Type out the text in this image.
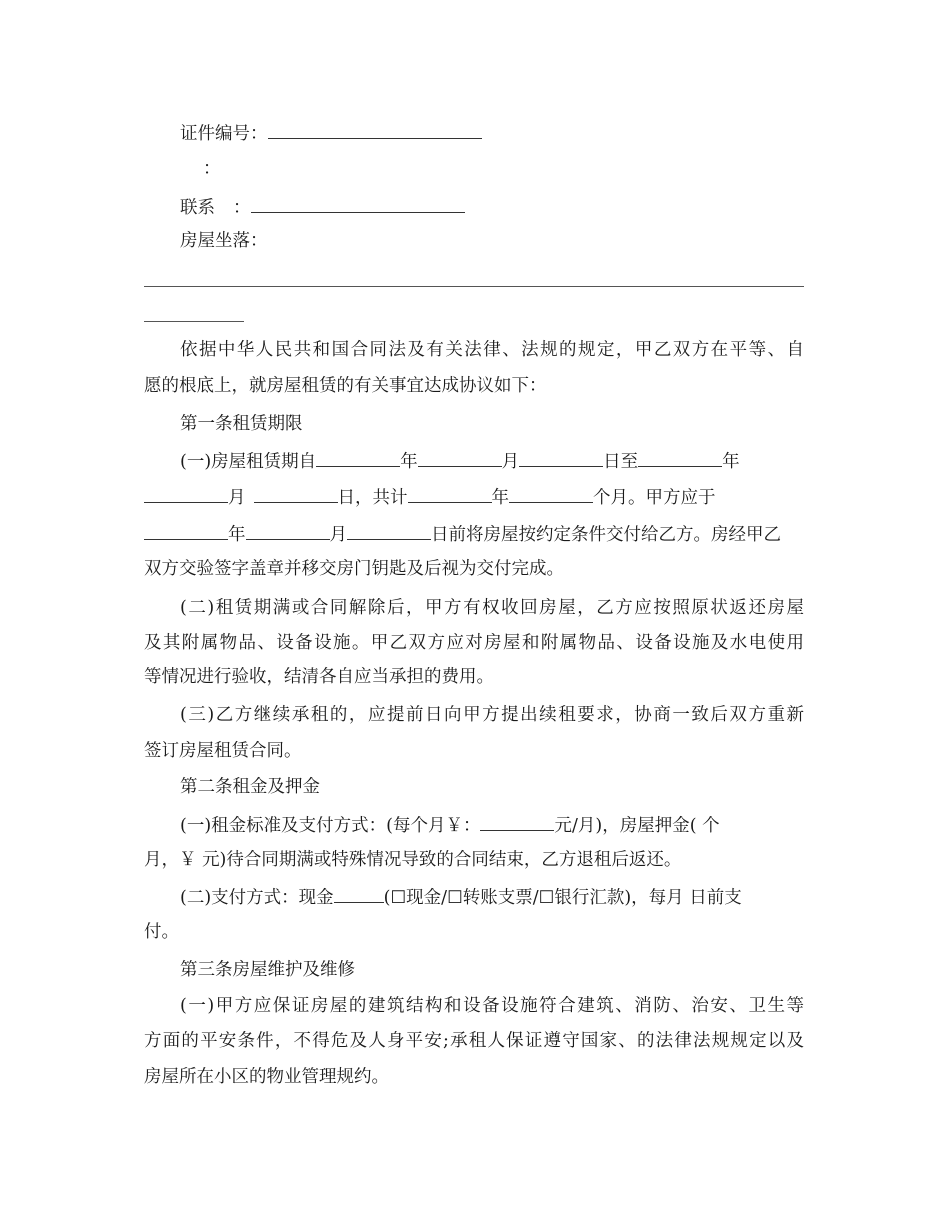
证件编号：
：
联系 ：
房屋坐落：
依据中华人民共和国合同法及有关法律、法规的规定，甲乙双方在平等、自
愿的根底上，就房屋租赁的有关事宜达成协议如下：
第一条租赁期限
(一)房屋租赁期自	年	月	日至	年
月	日，共计	年	个月。甲方应于
年	月	日前将房屋按约定条件交付给乙方。房经甲乙
双方交验签字盖章并移交房门钥匙及后视为交付完成。
(二)租赁期满或合同解除后，甲方有权收回房屋，乙方应按照原状返还房屋
及其附属物品、设备设施。甲乙双方应对房屋和附属物品、设备设施及水电使用
等情况进行验收，结清各自应当承担的费用。
(三)乙方继续承租的，应提前日向甲方提出续租要求，协商一致后双方重新
签订房屋租赁合同。
第二条租金及押金
(一)租金标准及支付方式：(每个月￥：	元/月)，房屋押金( 个
月，￥ 元)待合同期满或特殊情况导致的合同结束，乙方退租后返还。
(二)支付方式：现金	(☐现金/☐转账支票/☐银行汇款)，每月 日前支
付。
第三条房屋维护及维修
(一)甲方应保证房屋的建筑结构和设备设施符合建筑、消防、治安、卫生等
方面的平安条件，不得危及人身平安;承租人保证遵守国家、的法律法规规定以及
房屋所在小区的物业管理规约。
